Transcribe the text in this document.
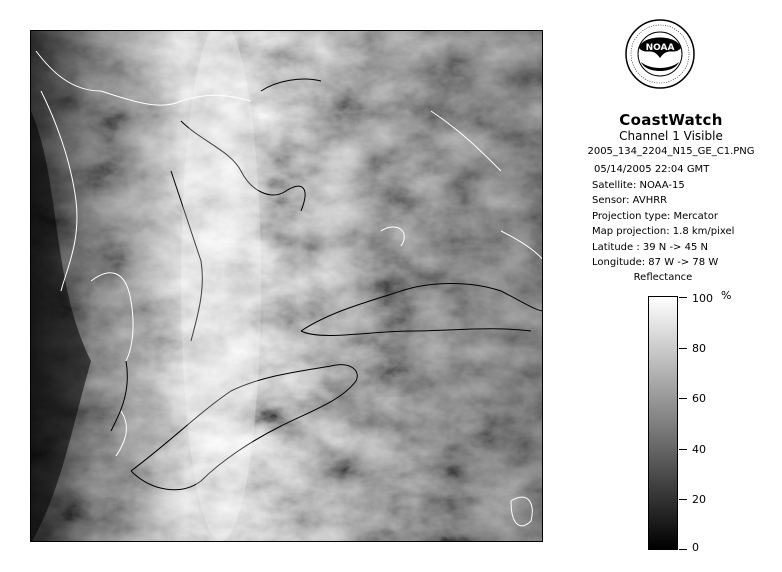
NOAA
CoastWatch
Channel 1 Visible
2005_134_2204_N15_GE_C1.PNG
05/14/2005 22:04 GMT
Satellite: NOAA-15
Sensor: AVHRR
Projection type: Mercator
Map projection: 1.8 km/pixel
Latitude : 39 N -> 45 N
Longitude: 87 W -> 78 W
Reflectance
%
100
80
60
40
20
0
